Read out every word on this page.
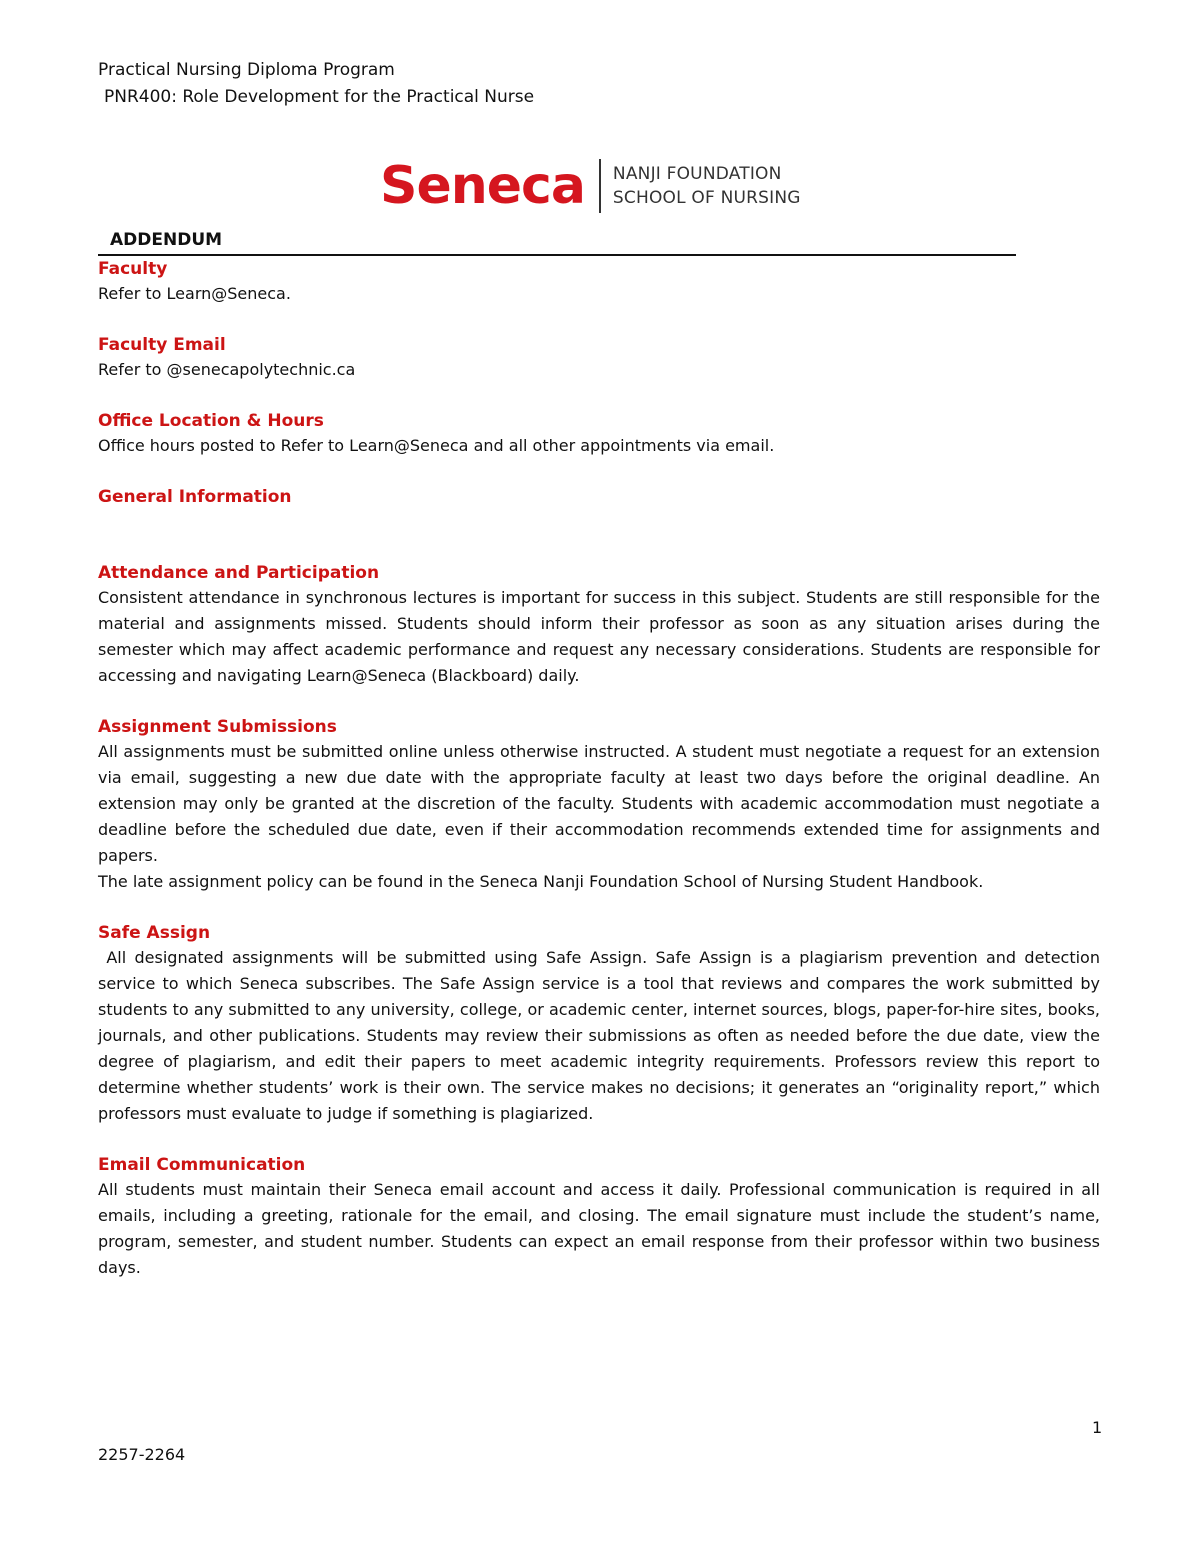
Practical Nursing Diploma Program
PNR400: Role Development for the Practical Nurse
Seneca NANJI FOUNDATION
SCHOOL OF NURSING
ADDENDUM

Faculty

Refer to Learn@Seneca.

Faculty Email

Refer to @senecapolytechnic.ca

Office Location & Hours

Office hours posted to Refer to Learn@Seneca and all other appointments via email.

General Information

Attendance and Participation

Consistent attendance in synchronous lectures is important for success in this subject. Students are still responsible for the material and assignments missed. Students should inform their professor as soon as any situation arises during the semester which may affect academic performance and request any necessary considerations. Students are responsible for accessing and navigating Learn@Seneca (Blackboard) daily.

Assignment Submissions

All assignments must be submitted online unless otherwise instructed. A student must negotiate a request for an extension via email, suggesting a new due date with the appropriate faculty at least two days before the original deadline. An extension may only be granted at the discretion of the faculty. Students with academic accommodation must negotiate a deadline before the scheduled due date, even if their accommodation recommends extended time for assignments and papers.

The late assignment policy can be found in the Seneca Nanji Foundation School of Nursing Student Handbook.

Safe Assign

All designated assignments will be submitted using Safe Assign. Safe Assign is a plagiarism prevention and detection service to which Seneca subscribes. The Safe Assign service is a tool that reviews and compares the work submitted by students to any submitted to any university, college, or academic center, internet sources, blogs, paper-for-hire sites, books, journals, and other publications. Students may review their submissions as often as needed before the due date, view the degree of plagiarism, and edit their papers to meet academic integrity requirements. Professors review this report to determine whether students’ work is their own. The service makes no decisions; it generates an “originality report,” which professors must evaluate to judge if something is plagiarized.

Email Communication

All students must maintain their Seneca email account and access it daily. Professional communication is required in all emails, including a greeting, rationale for the email, and closing. The email signature must include the student’s name, program, semester, and student number. Students can expect an email response from their professor within two business days.

1
2257-2264
